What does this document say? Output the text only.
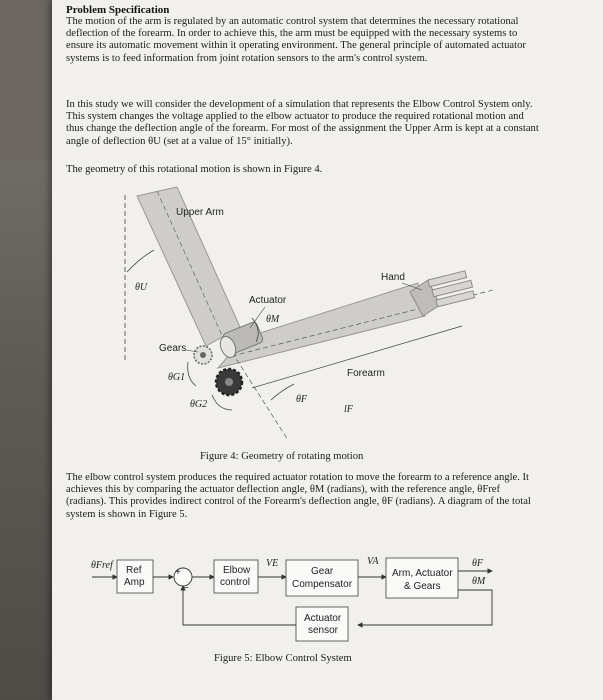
Problem Specification
The motion of the arm is regulated by an automatic control system that determines the necessary rotational deflection of the forearm. In order to achieve this, the arm must be equipped with the necessary systems to ensure its automatic movement within it operating environment. The general principle of automated actuator systems is to feed information from joint rotation sensors to the arm's control system.
In this study we will consider the development of a simulation that represents the Elbow Control System only. This system changes the voltage applied to the elbow actuator to produce the required rotational motion and thus change the deflection angle of the forearm. For most of the assignment the Upper Arm is kept at a constant angle of deflection θU (set at a value of 15° initially).
The geometry of this rotational motion is shown in Figure 4.
Upper Arm
Hand
Actuator
Gears
Forearm
θU
θM
θG1
θG2	θF
lF
Figure 4: Geometry of rotating motion
The elbow control system produces the required actuator rotation to move the forearm to a reference angle. It achieves this by comparing the actuator deflection angle, θM (radians), with the reference angle, θFref (radians). This provides indirect control of the Forearm's deflection angle, θF (radians). A diagram of the total system is shown in Figure 5.
θFref Ref
Amp
+
−
Elbow
control
VE
Gear
Compensator
VA
Arm, Actuator
& Gears
θF
θM
Actuator
sensor
Figure 5: Elbow Control System
